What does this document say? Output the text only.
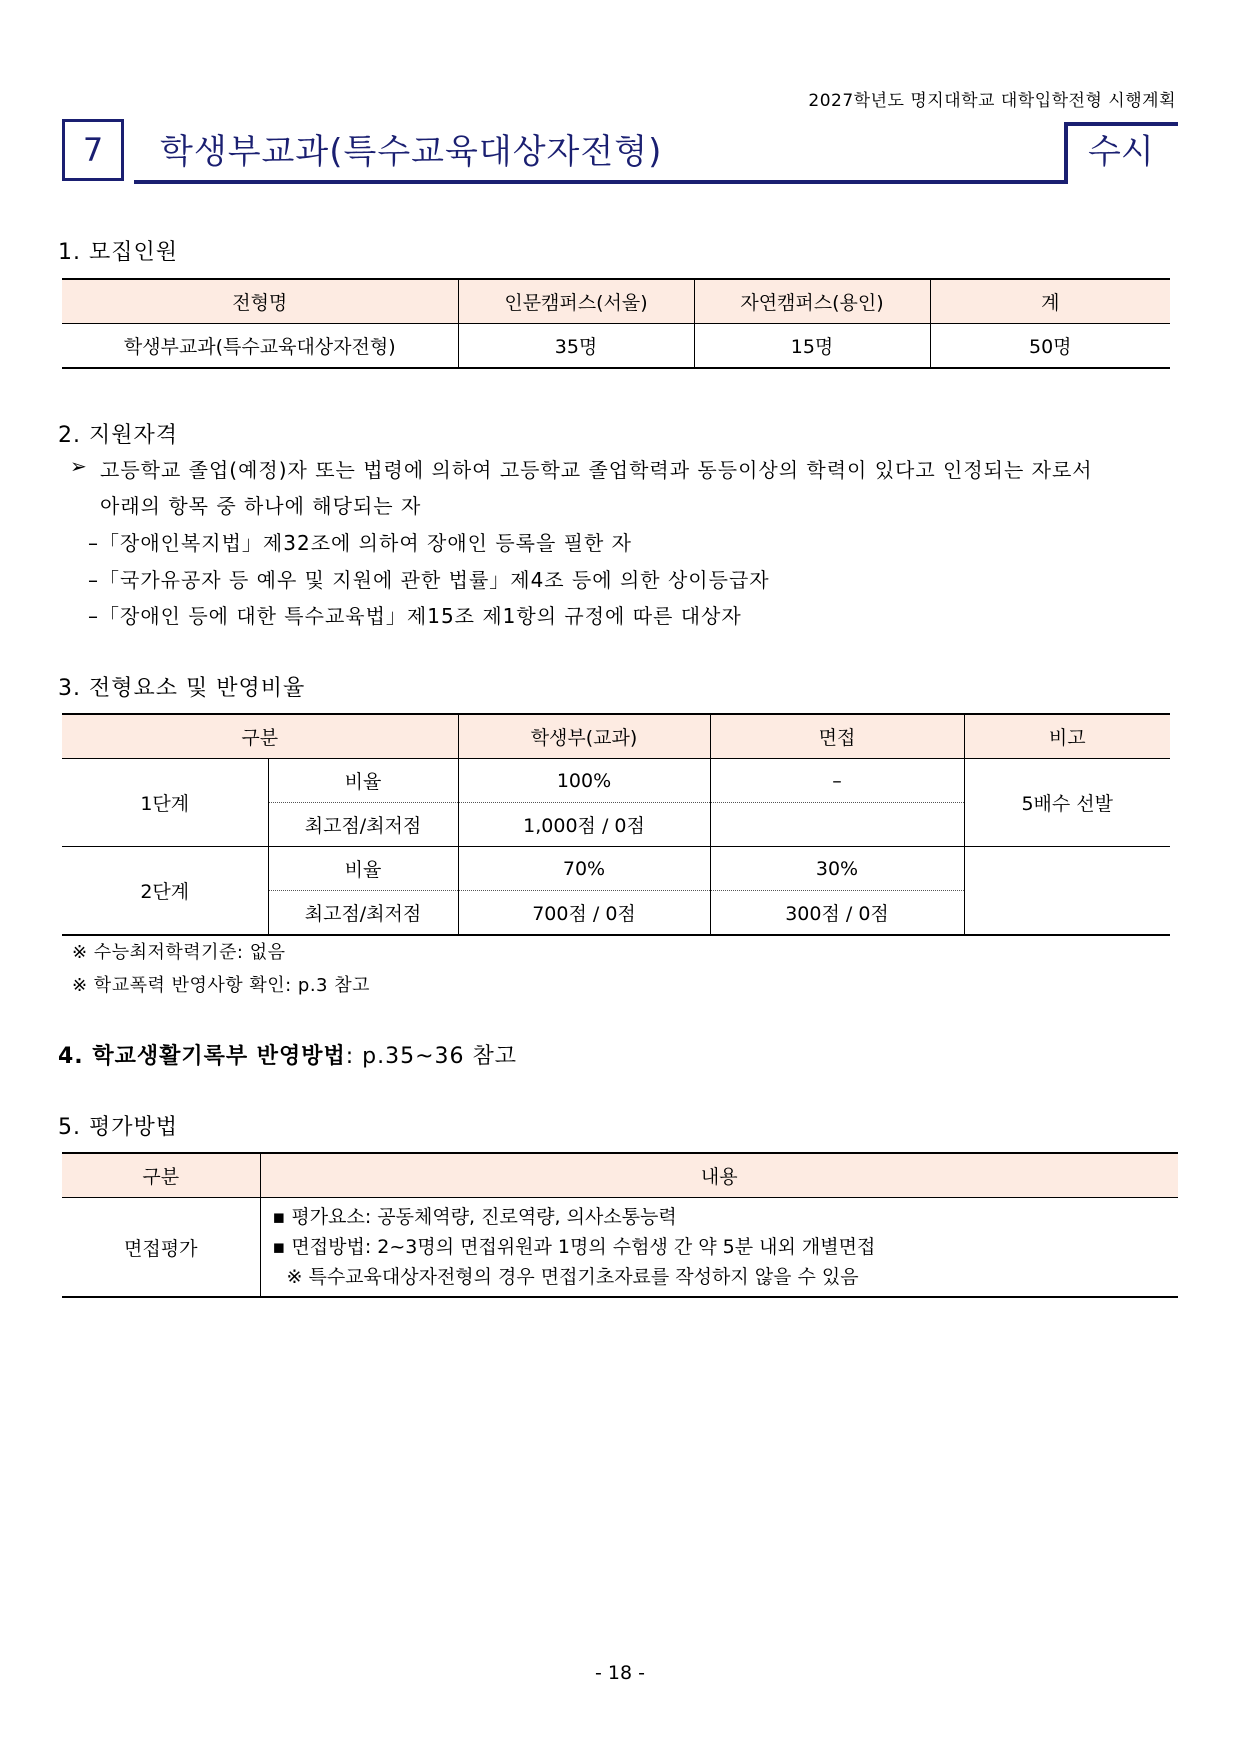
2027학년도 명지대학교 대학입학전형 시행계획
7	학생부교과(특수교육대상자전형)	수시
1. 모집인원
전형명	인문캠퍼스(서울)	자연캠퍼스(용인)	계
학생부교과(특수교육대상자전형)	35명	15명	50명
2. 지원자격
➢ 고등학교 졸업(예정)자 또는 법령에 의하여 고등학교 졸업학력과 동등이상의 학력이 있다고 인정되는 자로서
아래의 항목 중 하나에 해당되는 자
–「장애인복지법」제32조에 의하여 장애인 등록을 필한 자
–「국가유공자 등 예우 및 지원에 관한 법률」제4조 등에 의한 상이등급자
–「장애인 등에 대한 특수교육법」제15조 제1항의 규정에 따른 대상자
3. 전형요소 및 반영비율
구분		학생부(교과)	면접	비고
1단계	비율	100%	–	5배수 선발
	최고점/최저점	1,000점 / 0점		
2단계	비율	70%	30%	
	최고점/최저점	700점 / 0점	300점 / 0점	
※ 수능최저학력기준: 없음
※ 학교폭력 반영사항 확인: p.3 참고
4. 학교생활기록부 반영방법: p.35~36 참고
5. 평가방법
구분	내용
면접평가	▪ 평가요소: 공동체역량, 진로역량, 의사소통능력
▪ 면접방법: 2~3명의 면접위원과 1명의 수험생 간 약 5분 내외 개별면접
※ 특수교육대상자전형의 경우 면접기초자료를 작성하지 않을 수 있음
- 18 -
